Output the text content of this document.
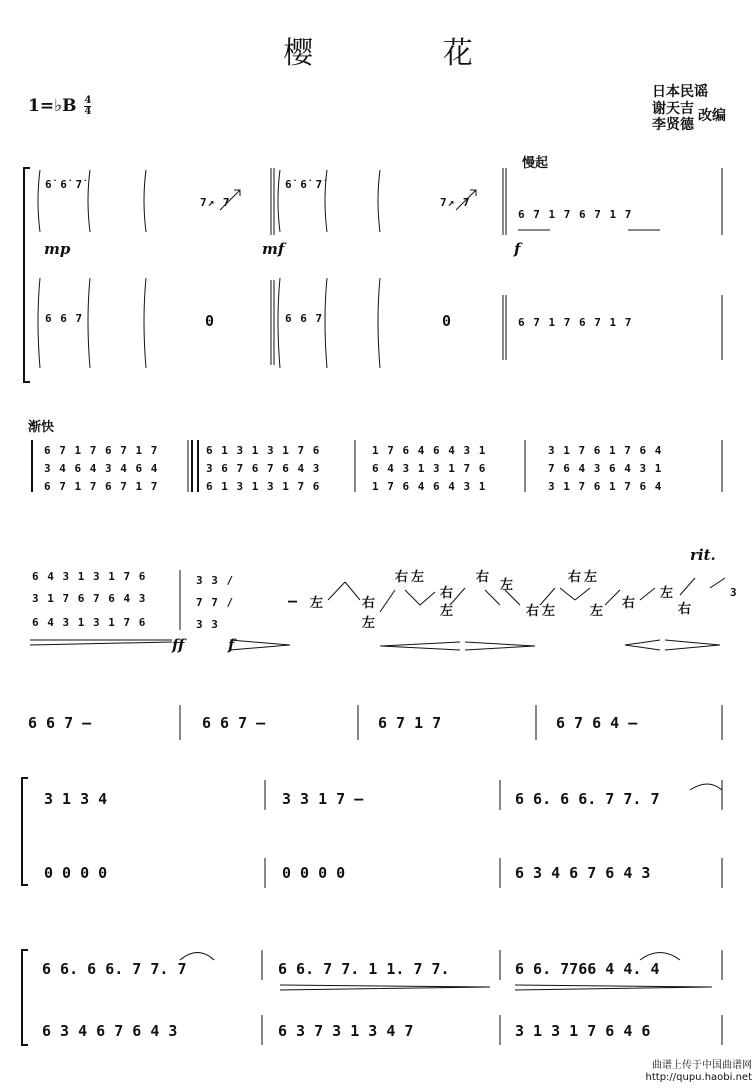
樱 花
日本民谣
谢天吉
李贤德
改编
1=♭B $\frac{4}{4}$
mp	mf	f
慢起
6̇ 6̇ 7̇
7↗ 7
6̇ 6̇ 7̇
7↗ 7
6 7 1 7 6 7 1 7
6 6 7	0	6 6 7	0	6 7 1 7 6 7 1 7
渐快
6 7 1 7 6 7 1 7	6 1 3 1 3 1 7 6	1 7 6 4 6 4 3 1	3 1 7 6 1 7 6 4
3 4 6 4 3 4 6 4	3 6 7 6 7 6 4 3	6 4 3 1 3 1 7 6	7 6 4 3 6 4 3 1
6 7 1 7 6 7 1 7	6 1 3 1 3 1 7 6	1 7 6 4 6 4 3 1	3 1 7 6 1 7 6 4
rit.
6 4 3 1 3 1 7 6
3 1 7 6 7 6 4 3
6 4 3 1 3 1 7 6
3 3 / 7 7 / 3 3
ff	f
– 左	右
左
右 左
右
左
右
左
右 左
右 左
左
右
左
右
3
6 6 7 –	6 6 7 –	6 7 1 7	6 7 6 4 –
3 1 3 4	3 3 1 7 –	6 6. 6 6. 7 7. 7
0 0 0 0	0 0 0 0	6 3 4 6 7 6 4 3
6 6. 6 6. 7 7. 7	6 6. 7 7. 1 1. 7 7.	6 6. 7766 4 4. 4
6 3 4 6 7 6 4 3	6 3 7 3 1 3 4 7	3 1 3 1 7 6 4 6
曲谱上传于中国曲谱网
http://qupu.haobi.net
